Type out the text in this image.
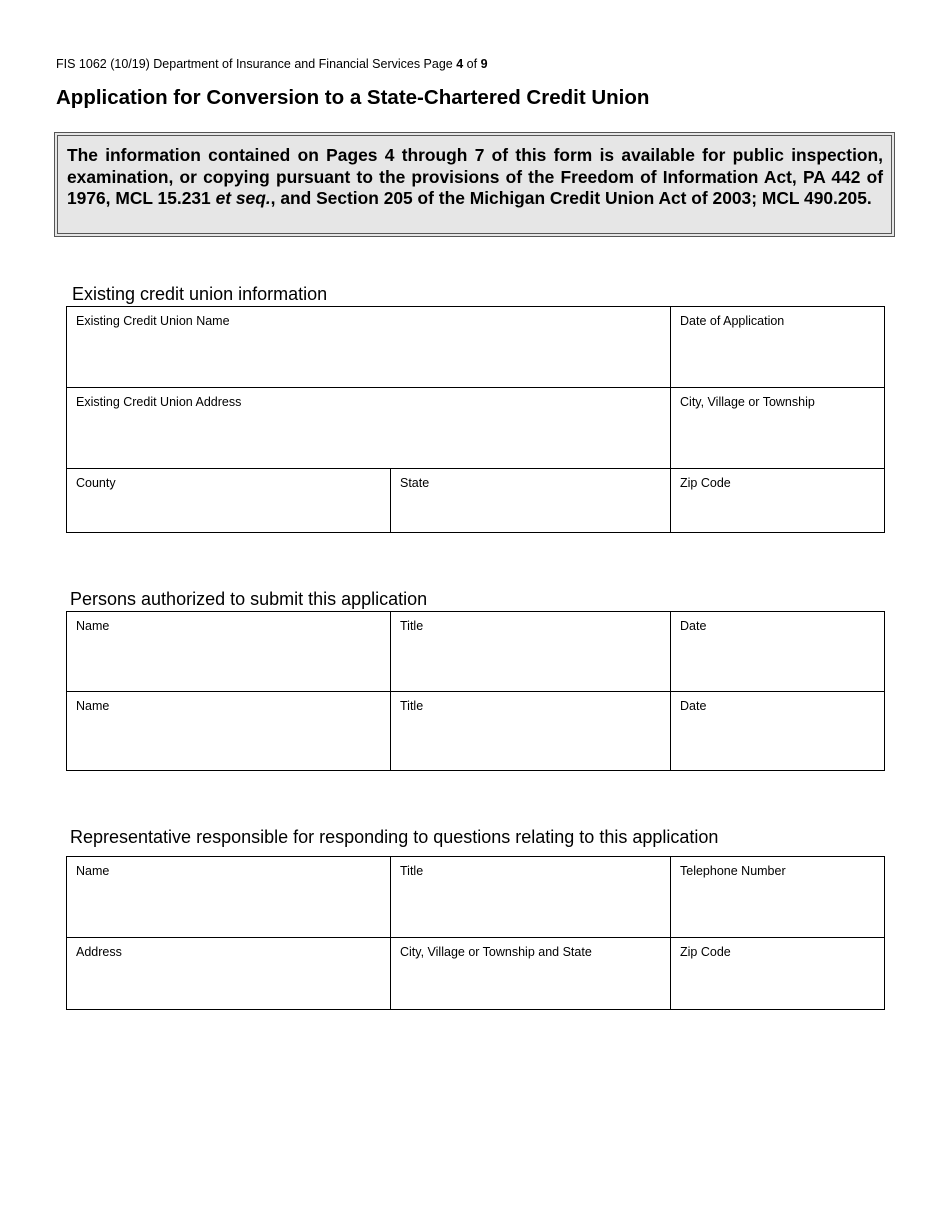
FIS 1062 (10/19) Department of Insurance and Financial Services Page 4 of 9
Application for Conversion to a State-Chartered Credit Union
The information contained on Pages 4 through 7 of this form is available for public inspection, examination, or copying pursuant to the provisions of the Freedom of Information Act, PA 442 of 1976, MCL 15.231 et seq., and Section 205 of the Michigan Credit Union Act of 2003; MCL 490.205.
Existing credit union information
Existing Credit Union Name		Date of Application
Existing Credit Union Address		City, Village or Township
County	State	Zip Code
Persons authorized to submit this application
Name	Title	Date
Name	Title	Date
Representative responsible for responding to questions relating to this application
Name	Title	Telephone Number
Address	City, Village or Township and State	Zip Code
